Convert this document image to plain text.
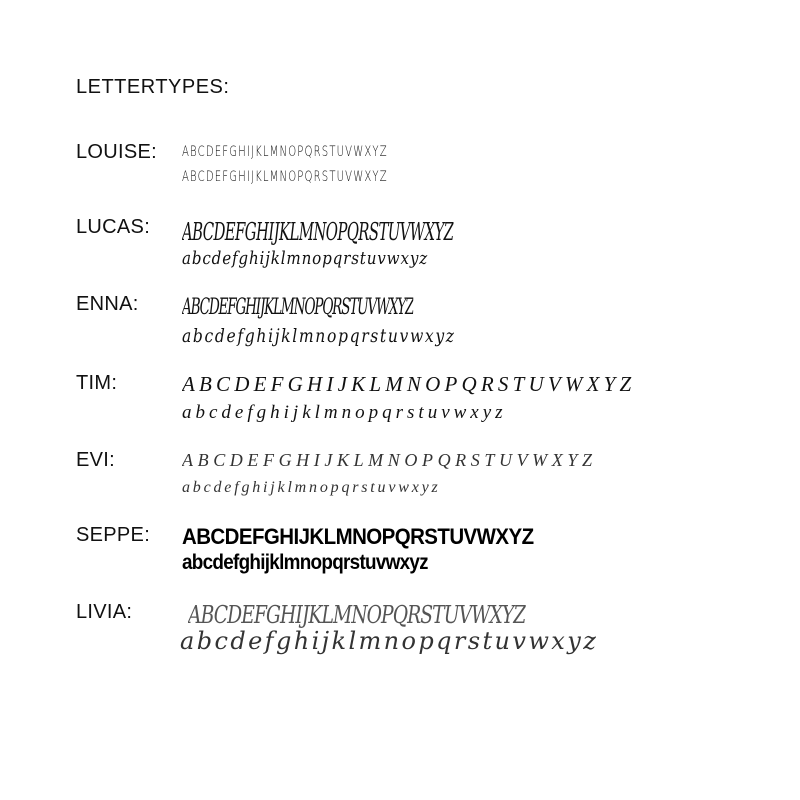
LETTERTYPES:
LOUISE: ABCDEFGHIJKLMNOPQRSTUVWXYZ
ABCDEFGHIJKLMNOPQRSTUVWXYZ
LUCAS: ABCDEFGHIJKLMNOPQRSTUVWXYZ
abcdefghijklmnopqrstuvwxyz
ENNA: ABCDEFGHIJKLMNOPQRSTUVWXYZ
abcdefghijklmnopqrstuvwxyz
TIM:	ABCDEFGHIJKLMNOPQRSTUVWXYZ
abcdefghijklmnopqrstuvwxyz
EVI:	ABCDEFGHIJKLMNOPQRSTUVWXYZ
abcdefghijklmnopqrstuvwxyz
SEPPE: ABCDEFGHIJKLMNOPQRSTUVWXYZ
abcdefghijklmnopqrstuvwxyz
LIVIA: ABCDEFGHIJKLMNOPQRSTUVWXYZ
abcdefghijklmnopqrstuvwxyz
